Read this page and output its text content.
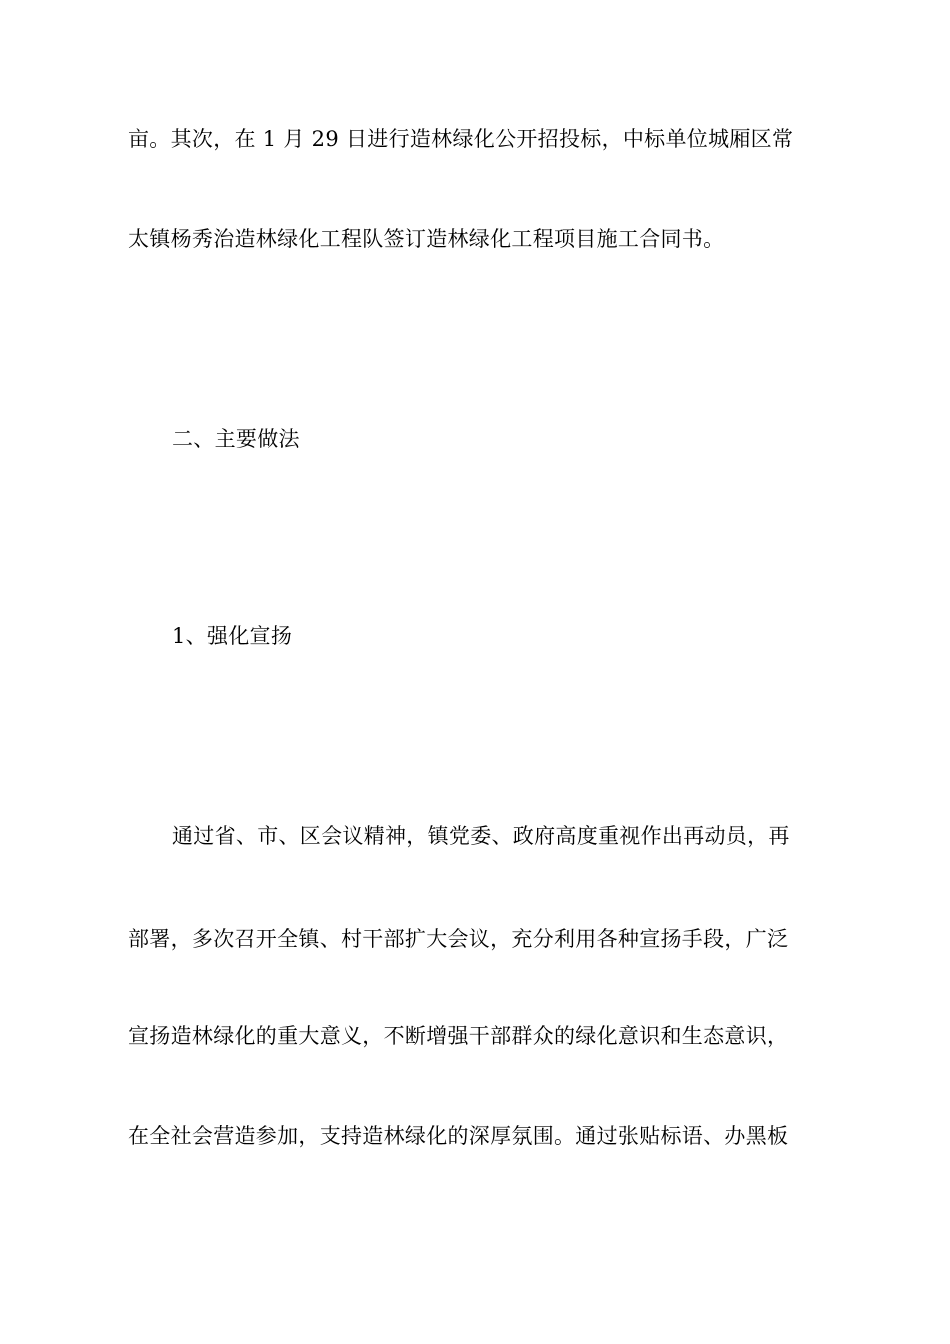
亩。其次，在 1 月 29 日进行造林绿化公开招投标，中标单位城厢区常
太镇杨秀治造林绿化工程队签订造林绿化工程项目施工合同书。
二、主要做法
1、强化宣扬
通过省、市、区会议精神，镇党委、政府高度重视作出再动员，再
部署，多次召开全镇、村干部扩大会议，充分利用各种宣扬手段，广泛
宣扬造林绿化的重大意义，不断增强干部群众的绿化意识和生态意识，
在全社会营造参加，支持造林绿化的深厚氛围。通过张贴标语、办黑板
